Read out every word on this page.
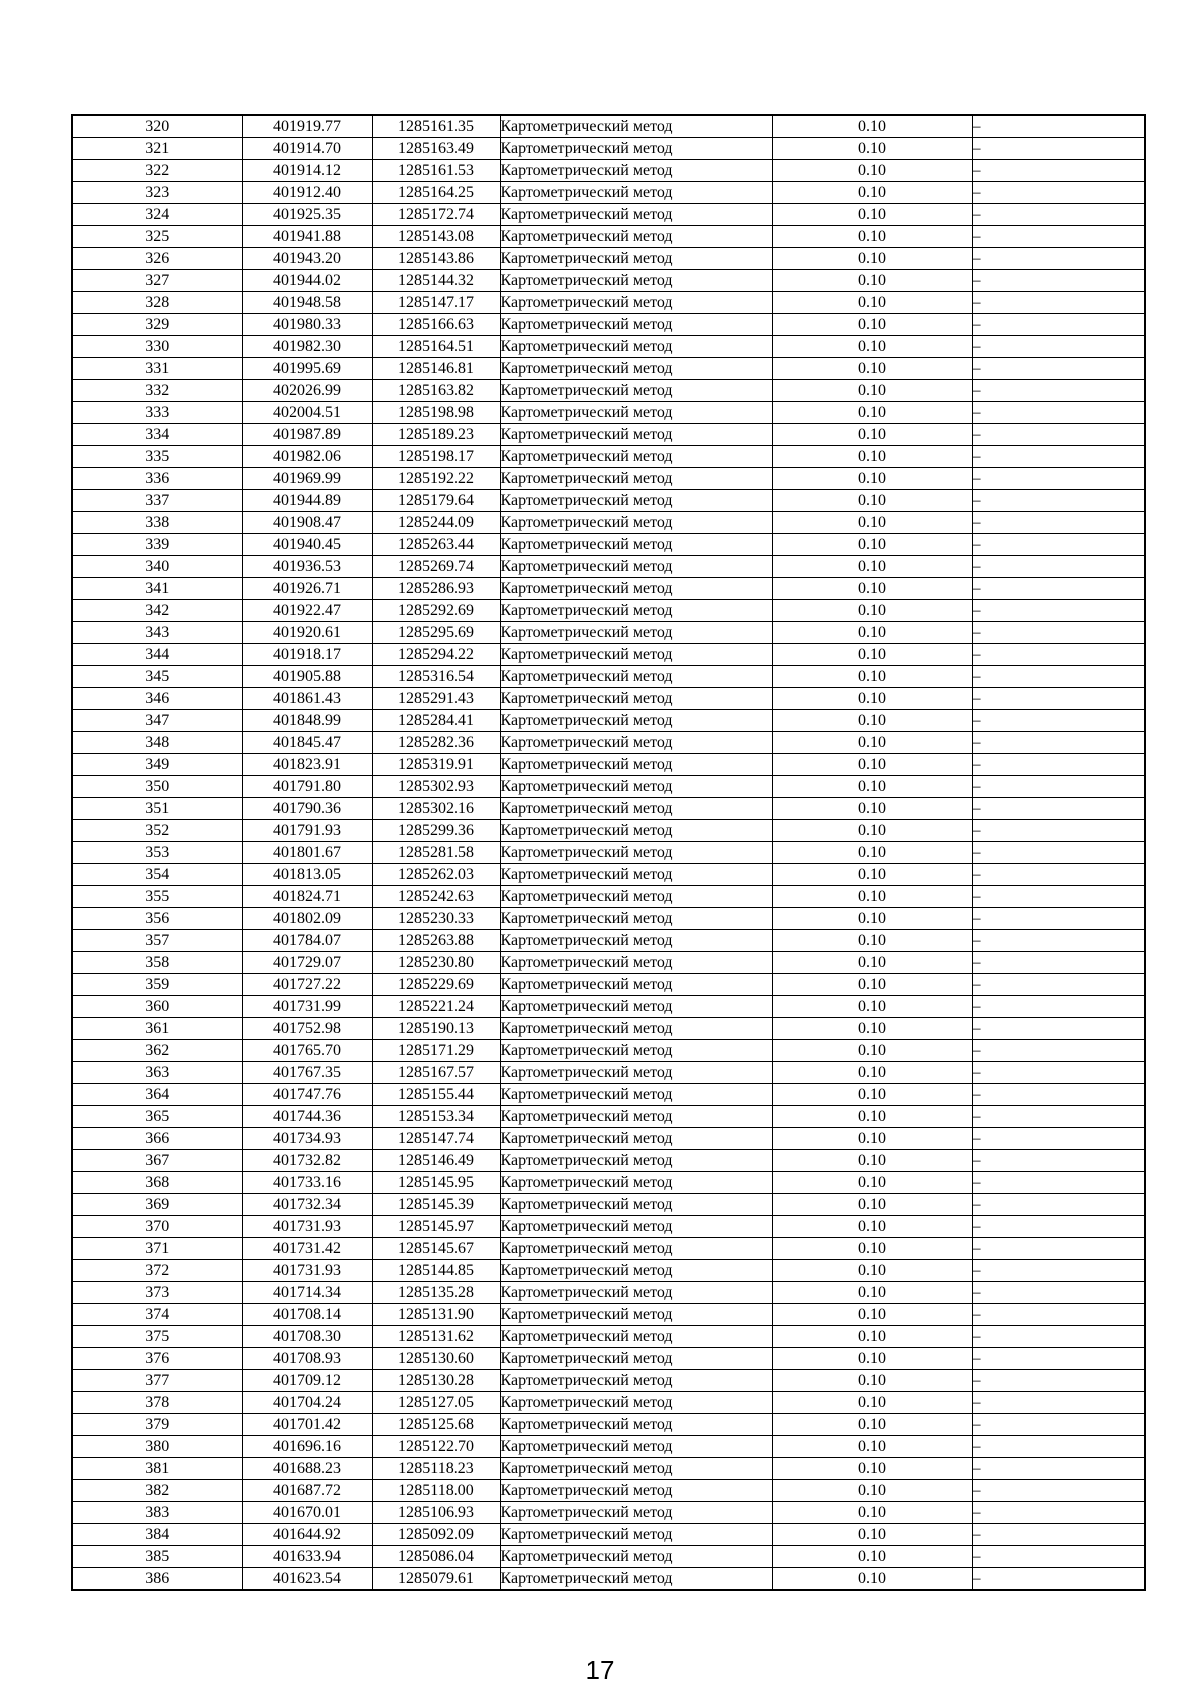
320	401919.77	1285161.35	Картометрический метод	0.10	–
321	401914.70	1285163.49	Картометрический метод	0.10	–
322	401914.12	1285161.53	Картометрический метод	0.10	–
323	401912.40	1285164.25	Картометрический метод	0.10	–
324	401925.35	1285172.74	Картометрический метод	0.10	–
325	401941.88	1285143.08	Картометрический метод	0.10	–
326	401943.20	1285143.86	Картометрический метод	0.10	–
327	401944.02	1285144.32	Картометрический метод	0.10	–
328	401948.58	1285147.17	Картометрический метод	0.10	–
329	401980.33	1285166.63	Картометрический метод	0.10	–
330	401982.30	1285164.51	Картометрический метод	0.10	–
331	401995.69	1285146.81	Картометрический метод	0.10	–
332	402026.99	1285163.82	Картометрический метод	0.10	–
333	402004.51	1285198.98	Картометрический метод	0.10	–
334	401987.89	1285189.23	Картометрический метод	0.10	–
335	401982.06	1285198.17	Картометрический метод	0.10	–
336	401969.99	1285192.22	Картометрический метод	0.10	–
337	401944.89	1285179.64	Картометрический метод	0.10	–
338	401908.47	1285244.09	Картометрический метод	0.10	–
339	401940.45	1285263.44	Картометрический метод	0.10	–
340	401936.53	1285269.74	Картометрический метод	0.10	–
341	401926.71	1285286.93	Картометрический метод	0.10	–
342	401922.47	1285292.69	Картометрический метод	0.10	–
343	401920.61	1285295.69	Картометрический метод	0.10	–
344	401918.17	1285294.22	Картометрический метод	0.10	–
345	401905.88	1285316.54	Картометрический метод	0.10	–
346	401861.43	1285291.43	Картометрический метод	0.10	–
347	401848.99	1285284.41	Картометрический метод	0.10	–
348	401845.47	1285282.36	Картометрический метод	0.10	–
349	401823.91	1285319.91	Картометрический метод	0.10	–
350	401791.80	1285302.93	Картометрический метод	0.10	–
351	401790.36	1285302.16	Картометрический метод	0.10	–
352	401791.93	1285299.36	Картометрический метод	0.10	–
353	401801.67	1285281.58	Картометрический метод	0.10	–
354	401813.05	1285262.03	Картометрический метод	0.10	–
355	401824.71	1285242.63	Картометрический метод	0.10	–
356	401802.09	1285230.33	Картометрический метод	0.10	–
357	401784.07	1285263.88	Картометрический метод	0.10	–
358	401729.07	1285230.80	Картометрический метод	0.10	–
359	401727.22	1285229.69	Картометрический метод	0.10	–
360	401731.99	1285221.24	Картометрический метод	0.10	–
361	401752.98	1285190.13	Картометрический метод	0.10	–
362	401765.70	1285171.29	Картометрический метод	0.10	–
363	401767.35	1285167.57	Картометрический метод	0.10	–
364	401747.76	1285155.44	Картометрический метод	0.10	–
365	401744.36	1285153.34	Картометрический метод	0.10	–
366	401734.93	1285147.74	Картометрический метод	0.10	–
367	401732.82	1285146.49	Картометрический метод	0.10	–
368	401733.16	1285145.95	Картометрический метод	0.10	–
369	401732.34	1285145.39	Картометрический метод	0.10	–
370	401731.93	1285145.97	Картометрический метод	0.10	–
371	401731.42	1285145.67	Картометрический метод	0.10	–
372	401731.93	1285144.85	Картометрический метод	0.10	–
373	401714.34	1285135.28	Картометрический метод	0.10	–
374	401708.14	1285131.90	Картометрический метод	0.10	–
375	401708.30	1285131.62	Картометрический метод	0.10	–
376	401708.93	1285130.60	Картометрический метод	0.10	–
377	401709.12	1285130.28	Картометрический метод	0.10	–
378	401704.24	1285127.05	Картометрический метод	0.10	–
379	401701.42	1285125.68	Картометрический метод	0.10	–
380	401696.16	1285122.70	Картометрический метод	0.10	–
381	401688.23	1285118.23	Картометрический метод	0.10	–
382	401687.72	1285118.00	Картометрический метод	0.10	–
383	401670.01	1285106.93	Картометрический метод	0.10	–
384	401644.92	1285092.09	Картометрический метод	0.10	–
385	401633.94	1285086.04	Картометрический метод	0.10	–
386	401623.54	1285079.61	Картометрический метод	0.10	–
17
